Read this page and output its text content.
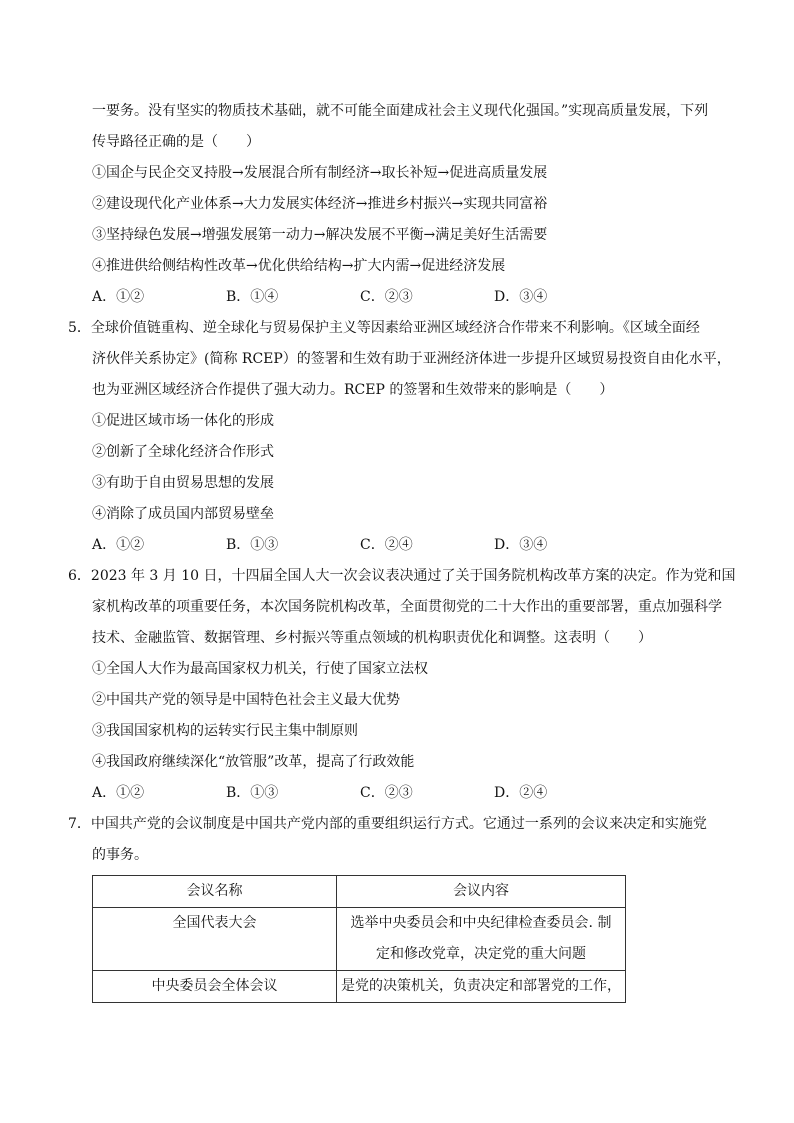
一要务。没有坚实的物质技术基础，就不可能全面建成社会主义现代化强国。”实现高质量发展，下列
传导路径正确的是（　　）
①国企与民企交叉持股→发展混合所有制经济→取长补短→促进高质量发展
②建设现代化产业体系→大力发展实体经济→推进乡村振兴→实现共同富裕
③坚持绿色发展→增强发展第一动力→解决发展不平衡→满足美好生活需要
④推进供给侧结构性改革→优化供给结构→扩大内需→促进经济发展
A．①②	B．①④	C．②③	D．③④
5．全球价值链重构、逆全球化与贸易保护主义等因素给亚洲区域经济合作带来不利影响。《区域全面经
济伙伴关系协定》(简称 RCEP）的签署和生效有助于亚洲经济体进一步提升区域贸易投资自由化水平，
也为亚洲区域经济合作提供了强大动力。RCEP 的签署和生效带来的影响是（　　）
①促进区域市场一体化的形成
②创新了全球化经济合作形式
③有助于自由贸易思想的发展
④消除了成员国内部贸易壁垒
A．①②	B．①③	C．②④	D．③④
6．2023 年 3 月 10 日，十四届全国人大一次会议表决通过了关于国务院机构改革方案的决定。作为党和国
家机构改革的项重要任务，本次国务院机构改革，全面贯彻党的二十大作出的重要部署，重点加强科学
技术、金融监管、数据管理、乡村振兴等重点领域的机构职责优化和调整。这表明（　　）
①全国人大作为最高国家权力机关，行使了国家立法权
②中国共产党的领导是中国特色社会主义最大优势
③我国国家机构的运转实行民主集中制原则
④我国政府继续深化“放管服”改革，提高了行政效能
A．①②	B．①③	C．②③	D．②④
7．中国共产党的会议制度是中国共产党内部的重要组织运行方式。它通过一系列的会议来决定和实施党
的事务。
会议名称	会议内容

全国代表大会	选举中央委员会和中央纪律检查委员会. 制
定和修改党章，决定党的重大问题

中央委员会全体会议	是党的决策机关，负责决定和部署党的工作，
